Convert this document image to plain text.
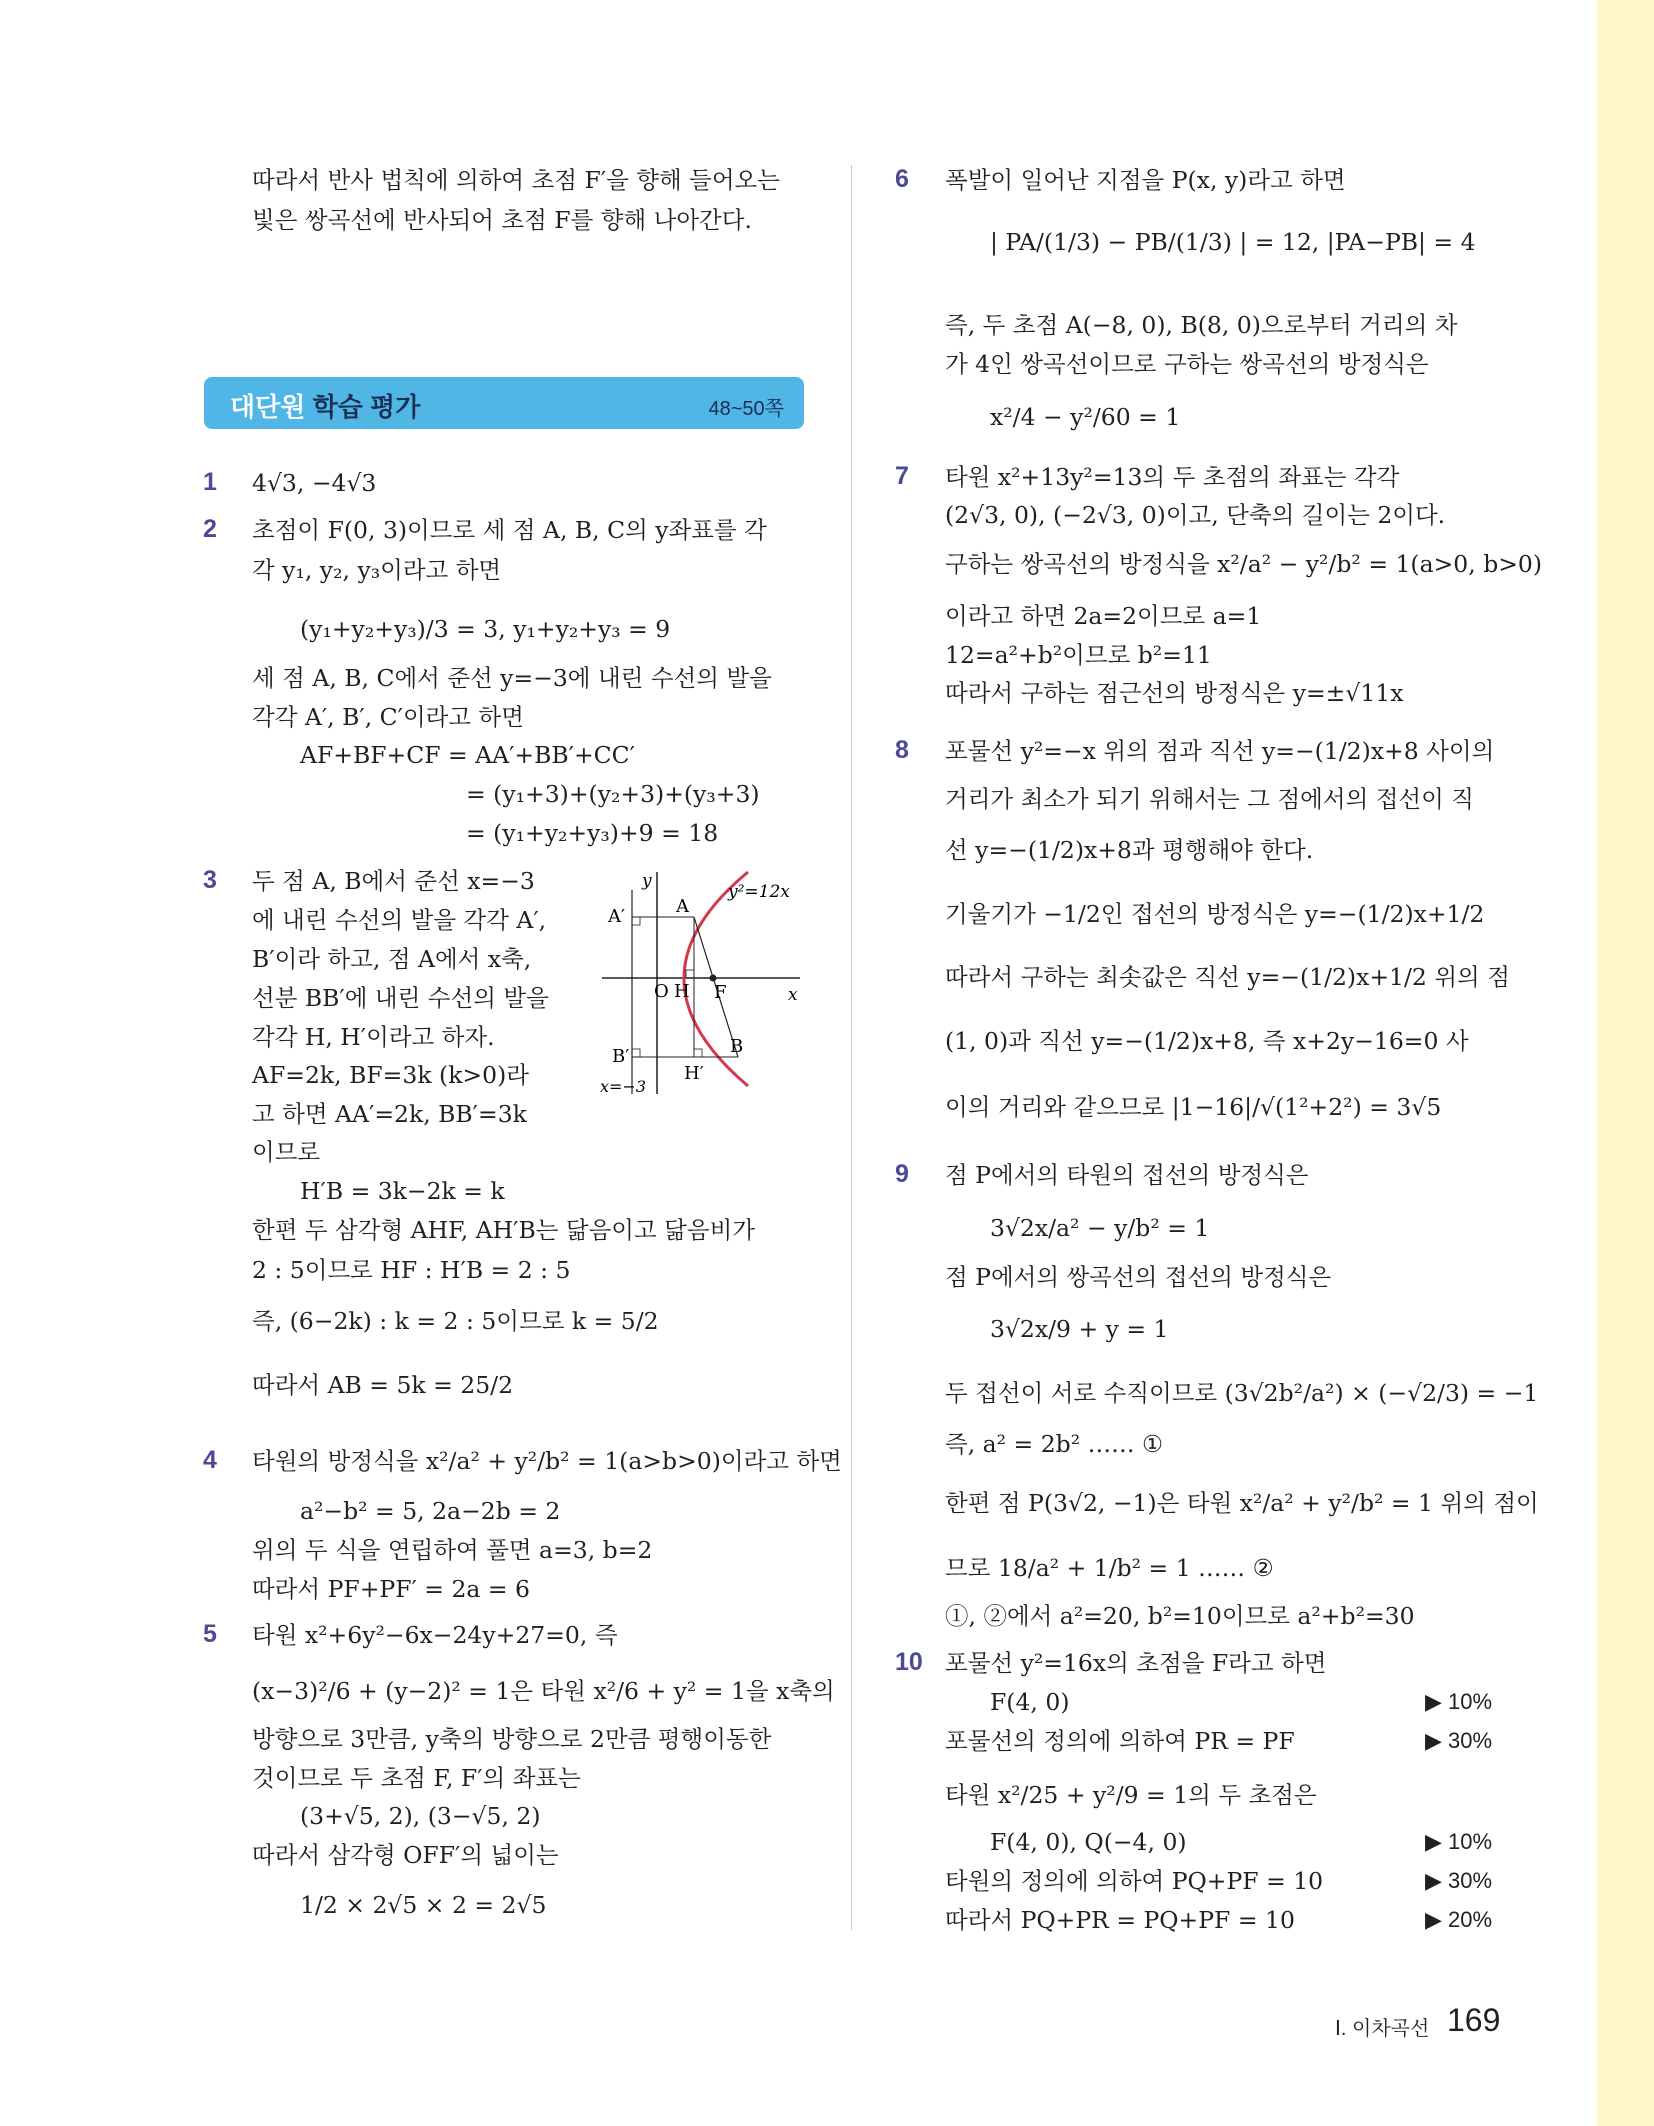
따라서 반사 법칙에 의하여 초점 F′을 향해 들어오는
빛은 쌍곡선에 반사되어 초점 F를 향해 나아간다.
대단원 학습 평가	48~50쪽
1 4√3, −4√3
2 초점이 F(0, 3)이므로 세 점 A, B, C의 y좌표를 각
각 y₁, y₂, y₃이라고 하면
(y₁+y₂+y₃)/3 = 3, y₁+y₂+y₃ = 9
세 점 A, B, C에서 준선 y=−3에 내린 수선의 발을
각각 A′, B′, C′이라고 하면
AF+BF+CF = AA′+BB′+CC′
= (y₁+3)+(y₂+3)+(y₃+3)
= (y₁+y₂+y₃)+9 = 18
3 두 점 A, B에서 준선 x=−3
에 내린 수선의 발을 각각 A′,
B′이라 하고, 점 A에서 x축,
선분 BB′에 내린 수선의 발을
각각 H, H′이라고 하자.
AF=2k, BF=3k (k>0)라
고 하면 AA′=2k, BB′=3k
이므로
H′B = 3k−2k = k
한편 두 삼각형 AHF, AH′B는 닮음이고 닮음비가
2 : 5이므로 HF : H′B = 2 : 5
즉, (6−2k) : k = 2 : 5이므로 k = 5/2
따라서 AB = 5k = 25/2
y²=12x
x=−3
y
x
A′	A
O H F
B′
H′
B
4 타원의 방정식을 x²/a² + y²/b² = 1(a>b>0)이라고 하면
a²−b² = 5, 2a−2b = 2
위의 두 식을 연립하여 풀면 a=3, b=2
따라서 PF+PF′ = 2a = 6
5 타원 x²+6y²−6x−24y+27=0, 즉
(x−3)²/6 + (y−2)² = 1은 타원 x²/6 + y² = 1을 x축의
방향으로 3만큼, y축의 방향으로 2만큼 평행이동한
것이므로 두 초점 F, F′의 좌표는
(3+√5, 2), (3−√5, 2)
따라서 삼각형 OFF′의 넓이는
1/2 × 2√5 × 2 = 2√5
6 폭발이 일어난 지점을 P(x, y)라고 하면
| PA/(1/3) − PB/(1/3) | = 12, |PA−PB| = 4
즉, 두 초점 A(−8, 0), B(8, 0)으로부터 거리의 차
가 4인 쌍곡선이므로 구하는 쌍곡선의 방정식은
x²/4 − y²/60 = 1
7 타원 x²+13y²=13의 두 초점의 좌표는 각각
(2√3, 0), (−2√3, 0)이고, 단축의 길이는 2이다.
구하는 쌍곡선의 방정식을 x²/a² − y²/b² = 1(a>0, b>0)
이라고 하면 2a=2이므로 a=1
12=a²+b²이므로 b²=11
따라서 구하는 점근선의 방정식은 y=±√11x
8 포물선 y²=−x 위의 점과 직선 y=−(1/2)x+8 사이의
거리가 최소가 되기 위해서는 그 점에서의 접선이 직
선 y=−(1/2)x+8과 평행해야 한다.
기울기가 −1/2인 접선의 방정식은 y=−(1/2)x+1/2
따라서 구하는 최솟값은 직선 y=−(1/2)x+1/2 위의 점
(1, 0)과 직선 y=−(1/2)x+8, 즉 x+2y−16=0 사
이의 거리와 같으므로 |1−16|/√(1²+2²) = 3√5
9 점 P에서의 타원의 접선의 방정식은
3√2x/a² − y/b² = 1
점 P에서의 쌍곡선의 접선의 방정식은
3√2x/9 + y = 1
두 접선이 서로 수직이므로 (3√2b²/a²) × (−√2/3) = −1
즉, a² = 2b² …… ①
한편 점 P(3√2, −1)은 타원 x²/a² + y²/b² = 1 위의 점이
므로 18/a² + 1/b² = 1 …… ②
①, ②에서 a²=20, b²=10이므로 a²+b²=30
10 포물선 y²=16x의 초점을 F라고 하면
F(4, 0)
포물선의 정의에 의하여 PR = PF
타원 x²/25 + y²/9 = 1의 두 초점은
F(4, 0), Q(−4, 0)
타원의 정의에 의하여 PQ+PF = 10
따라서 PQ+PR = PQ+PF = 10
▶ 10%
▶ 30%
▶ 10%
▶ 30%
▶ 20%
Ⅰ. 이차곡선 169
